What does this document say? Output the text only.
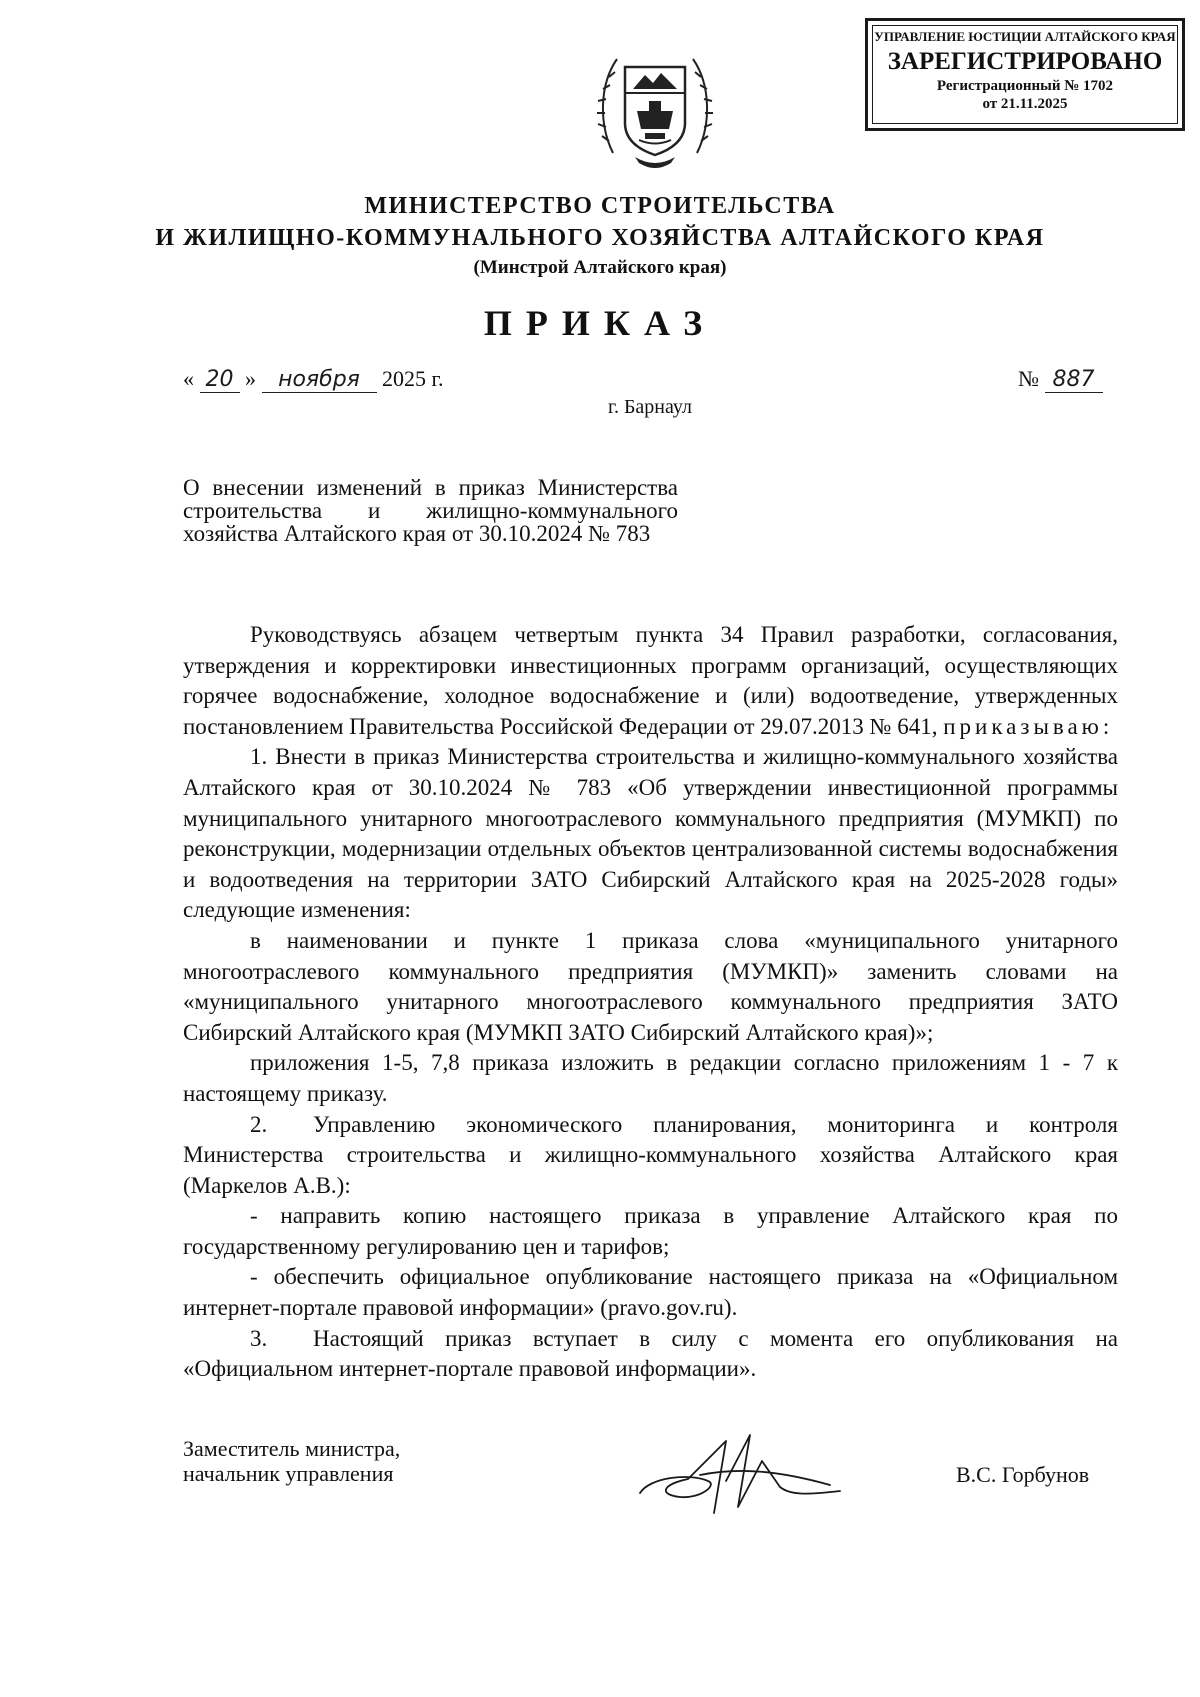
УПРАВЛЕНИЕ ЮСТИЦИИ АЛТАЙСКОГО КРАЯ
ЗАРЕГИСТРИРОВАНО
Регистрационный № 1702
от 21.11.2025
МИНИСТЕРСТВО СТРОИТЕЛЬСТВА
И ЖИЛИЩНО-КОММУНАЛЬНОГО ХОЗЯЙСТВА АЛТАЙСКОГО КРАЯ
(Минстрой Алтайского края)
ПРИКАЗ
« 20 » ноября 2025 г.	№ 887
г. Барнаул
О внесении изменений в приказ Министерства строительства и жилищно-коммунального хозяйства Алтайского края от 30.10.2024 № 783

Руководствуясь абзацем четвертым пункта 34 Правил разработки, согласования, утверждения и корректировки инвестиционных программ организаций, осуществляющих горячее водоснабжение, холодное водоснабжение и (или) водоотведение, утвержденных постановлением Правительства Российской Федерации от 29.07.2013 № 641, приказываю:

1. Внести в приказ Министерства строительства и жилищно-коммунального хозяйства Алтайского края от 30.10.2024 № 783 «Об утверждении инвестиционной программы муниципального унитарного многоотраслевого коммунального предприятия (МУМКП) по реконструкции, модернизации отдельных объектов централизованной системы водоснабжения и водоотведения на территории ЗАТО Сибирский Алтайского края на 2025-2028 годы» следующие изменения:

в наименовании и пункте 1 приказа слова «муниципального унитарного многоотраслевого коммунального предприятия (МУМКП)» заменить словами на «муниципального унитарного многоотраслевого коммунального предприятия ЗАТО Сибирский Алтайского края (МУМКП ЗАТО Сибирский Алтайского края)»;

приложения 1-5, 7,8 приказа изложить в редакции согласно приложениям 1 - 7 к настоящему приказу.

2. Управлению экономического планирования, мониторинга и контроля Министерства строительства и жилищно-коммунального хозяйства Алтайского края (Маркелов А.В.):

- направить копию настоящего приказа в управление Алтайского края по государственному регулированию цен и тарифов;

- обеспечить официальное опубликование настоящего приказа на «Официальном интернет-портале правовой информации» (pravo.gov.ru).

3. Настоящий приказ вступает в силу с момента его опубликования на «Официальном интернет-портале правовой информации».

Заместитель министра,
начальник управления	В.С. Горбунов
